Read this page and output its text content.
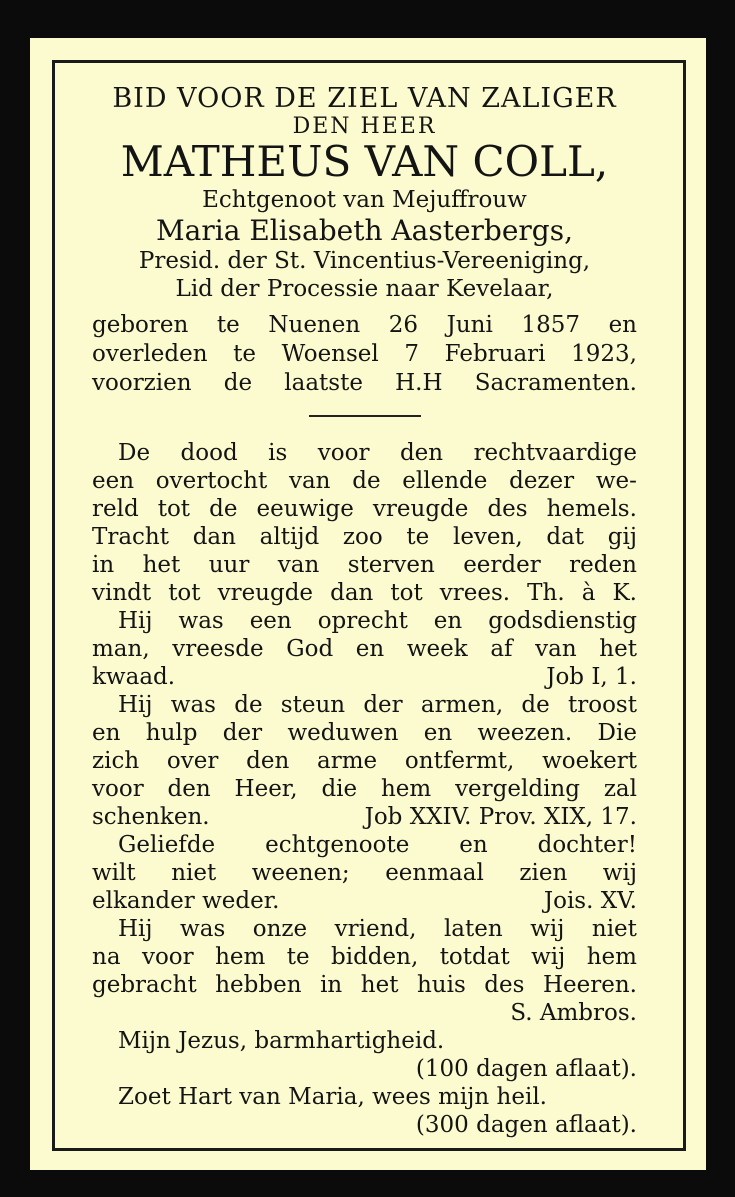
BID VOOR DE ZIEL VAN ZALIGER

DEN HEER

MATHEUS VAN COLL,

Echtgenoot van Mejuffrouw

Maria Elisabeth Aasterbergs,

Presid. der St. Vincentius-Vereeniging,

Lid der Processie naar Kevelaar,

geboren te Nuenen 26 Juni 1857 en
overleden te Woensel 7 Februari 1923,
voorzien de laatste H.H Sacramenten.
De dood is voor den rechtvaardige
een overtocht van de ellende dezer we-
reld tot de eeuwige vreugde des hemels.
Tracht dan altijd zoo te leven, dat gij
in het uur van sterven eerder reden
vindt tot vreugde dan tot vrees. Th. à K.
Hij was een oprecht en godsdienstig
man, vreesde God en week af van het
kwaad.	Job I, 1.
Hij was de steun der armen, de troost
en hulp der weduwen en weezen. Die
zich over den arme ontfermt, woekert
voor den Heer, die hem vergelding zal
schenken.	Job XXIV. Prov. XIX, 17.
Geliefde echtgenoote en dochter!
wilt niet weenen; eenmaal zien wij
elkander weder.	Jois. XV.
Hij was onze vriend, laten wij niet
na voor hem te bidden, totdat wij hem
gebracht hebben in het huis des Heeren.
S. Ambros.
Mijn Jezus, barmhartigheid.
(100 dagen aflaat).
Zoet Hart van Maria, wees mijn heil.
(300 dagen aflaat).
